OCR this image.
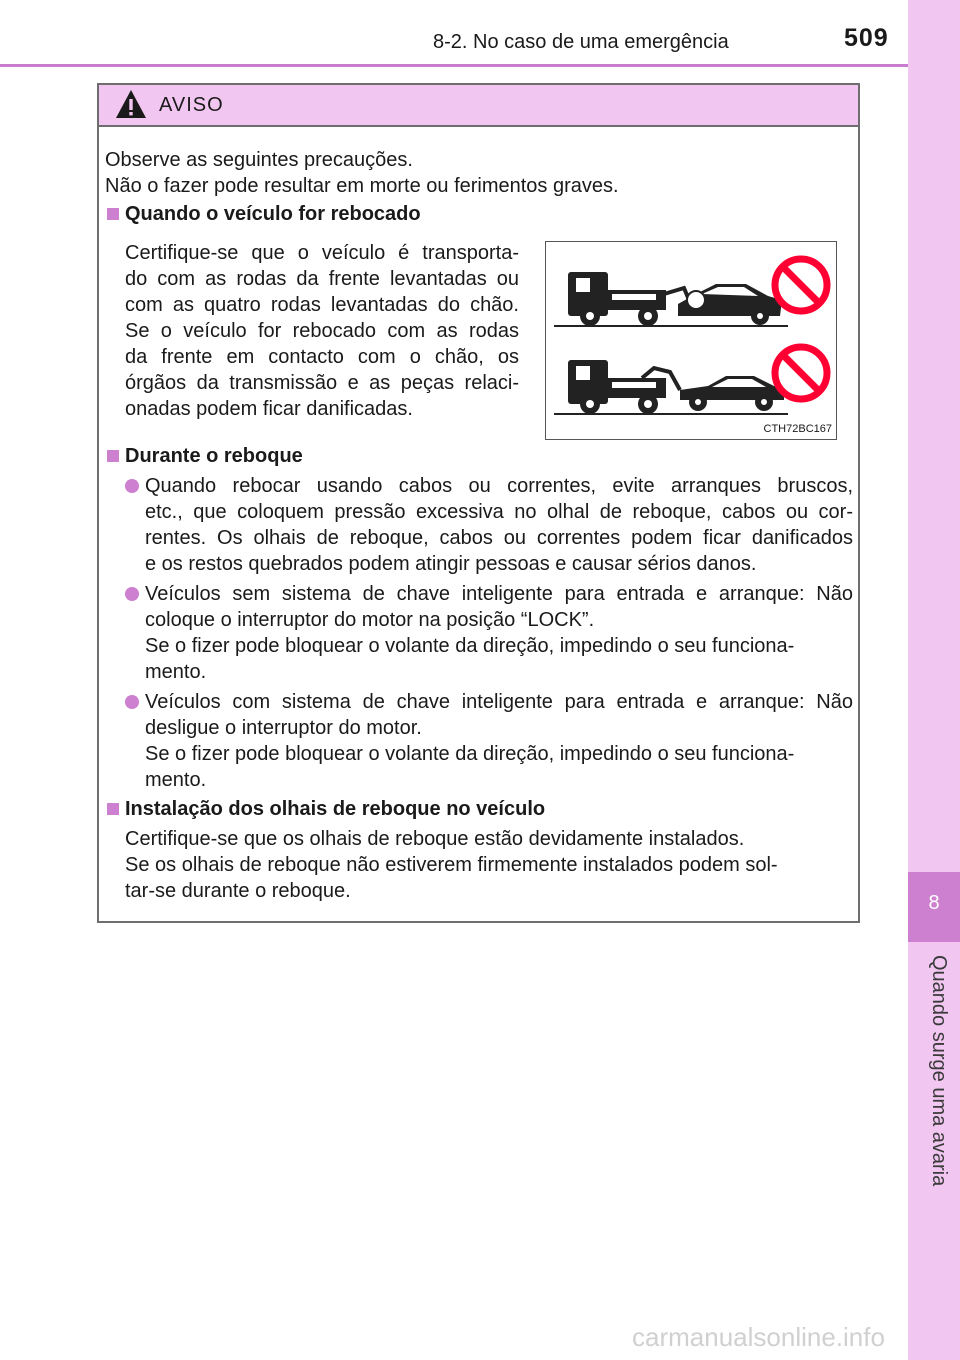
8
Quando surge uma avaria
8-2. No caso de uma emergência	509
AVISO

Observe as seguintes precauções.

Não o fazer pode resultar em morte ou ferimentos graves.

Quando o veículo for rebocado

Certifique-se que o veículo é transporta-

do com as rodas da frente levantadas ou

com as quatro rodas levantadas do chão.

Se o veículo for rebocado com as rodas

da frente em contacto com o chão, os

órgãos da transmissão e as peças relaci-

onadas podem ficar danificadas.

Durante o reboque

Quando rebocar usando cabos ou correntes, evite arranques bruscos,

etc., que coloquem pressão excessiva no olhal de reboque, cabos ou cor-

rentes. Os olhais de reboque, cabos ou correntes podem ficar danificados

e os restos quebrados podem atingir pessoas e causar sérios danos.

Veículos sem sistema de chave inteligente para entrada e arranque: Não

coloque o interruptor do motor na posição “LOCK”.

Se o fizer pode bloquear o volante da direção, impedindo o seu funciona-

mento.

Veículos com sistema de chave inteligente para entrada e arranque: Não

desligue o interruptor do motor.

Se o fizer pode bloquear o volante da direção, impedindo o seu funciona-

mento.

Instalação dos olhais de reboque no veículo

Certifique-se que os olhais de reboque estão devidamente instalados.

Se os olhais de reboque não estiverem firmemente instalados podem sol-

tar-se durante o reboque.

CTH72BC167
carmanualsonline.info
